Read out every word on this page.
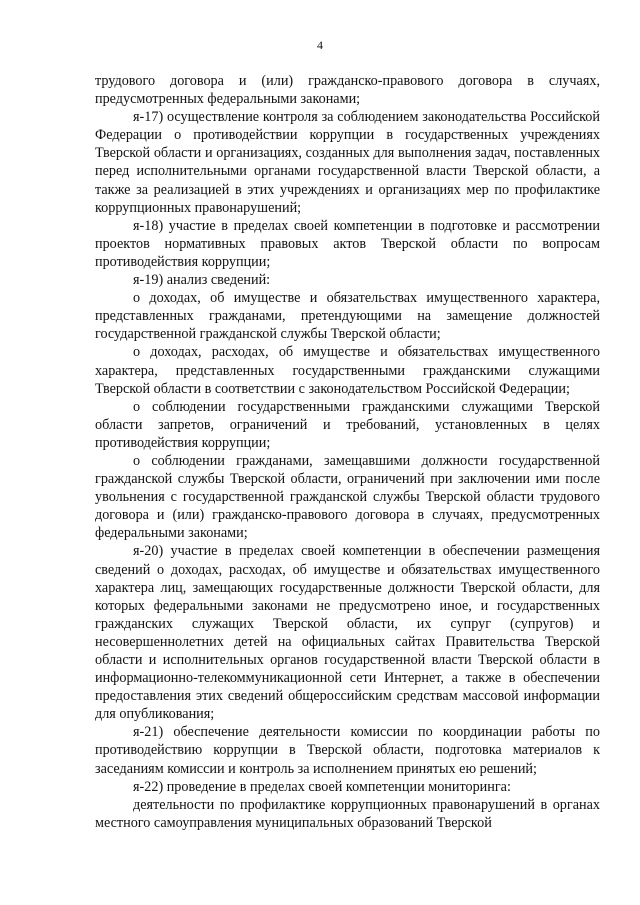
4

трудового договора и (или) гражданско-правового договора в случаях, предусмотренных федеральными законами;

я-17) осуществление контроля за соблюдением законодательства Российской Федерации о противодействии коррупции в государственных учреждениях Тверской области и организациях, созданных для выполнения задач, поставленных перед исполнительными органами государственной власти Тверской области, а также за реализацией в этих учреждениях и организациях мер по профилактике коррупционных правонарушений;

я-18) участие в пределах своей компетенции в подготовке и рассмотрении проектов нормативных правовых актов Тверской области по вопросам противодействия коррупции;

я-19) анализ сведений:

о доходах, об имуществе и обязательствах имущественного характера, представленных гражданами, претендующими на замещение должностей государственной гражданской службы Тверской области;

о доходах, расходах, об имуществе и обязательствах имущественного характера, представленных государственными гражданскими служащими Тверской области в соответствии с законодательством Российской Федерации;

о соблюдении государственными гражданскими служащими Тверской области запретов, ограничений и требований, установленных в целях противодействия коррупции;

о соблюдении гражданами, замещавшими должности государственной гражданской службы Тверской области, ограничений при заключении ими после увольнения с государственной гражданской службы Тверской области трудового договора и (или) гражданско-правового договора в случаях, предусмотренных федеральными законами;

я-20) участие в пределах своей компетенции в обеспечении размещения сведений о доходах, расходах, об имуществе и обязательствах имущественного характера лиц, замещающих государственные должности Тверской области, для которых федеральными законами не предусмотрено иное, и государственных гражданских служащих Тверской области, их супруг (супругов) и несовершеннолетних детей на официальных сайтах Правительства Тверской области и исполнительных органов государственной власти Тверской области в информационно-телекоммуникационной сети Интернет, а также в обеспечении предоставления этих сведений общероссийским средствам массовой информации для опубликования;

я-21) обеспечение деятельности комиссии по координации работы по противодействию коррупции в Тверской области, подготовка материалов к заседаниям комиссии и контроль за исполнением принятых ею решений;

я-22) проведение в пределах своей компетенции мониторинга:

деятельности по профилактике коррупционных правонарушений в органах местного самоуправления муниципальных образований Тверской
